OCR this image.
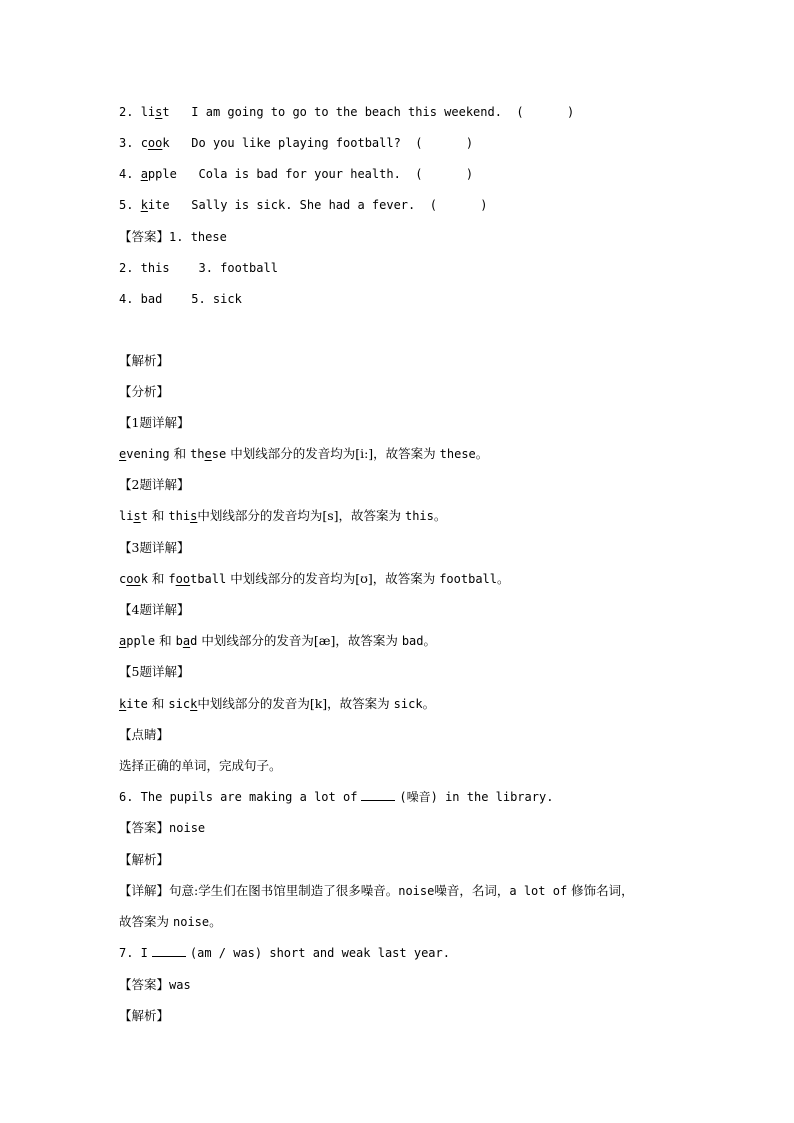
2. list I am going to go to the beach this weekend. (      )
3. cook Do you like playing football? (      )
4. apple Cola is bad for your health. (      )
5. kite Sally is sick. She had a fever. (      )
【答案】1. these
2. this    3. football
4. bad    5. sick
【解析】
【分析】
【1题详解】
evening 和 these 中划线部分的发音均为[i:]，故答案为 these。
【2题详解】
list 和 this中划线部分的发音均为[s]，故答案为 this。
【3题详解】
cook 和 football 中划线部分的发音均为[ʊ]，故答案为 football。
【4题详解】
apple 和 bad 中划线部分的发音为[æ]，故答案为 bad。
【5题详解】
kite 和 sick中划线部分的发音为[k]，故答案为 sick。
【点睛】
选择正确的单词，完成句子。
6. The pupils are making a lot of	(噪音) in the library.
【答案】noise
【解析】
【详解】句意:学生们在图书馆里制造了很多噪音。noise噪音，名词，a lot of 修饰名词，
故答案为 noise。
7. I	(am / was) short and weak last year.
【答案】was
【解析】
